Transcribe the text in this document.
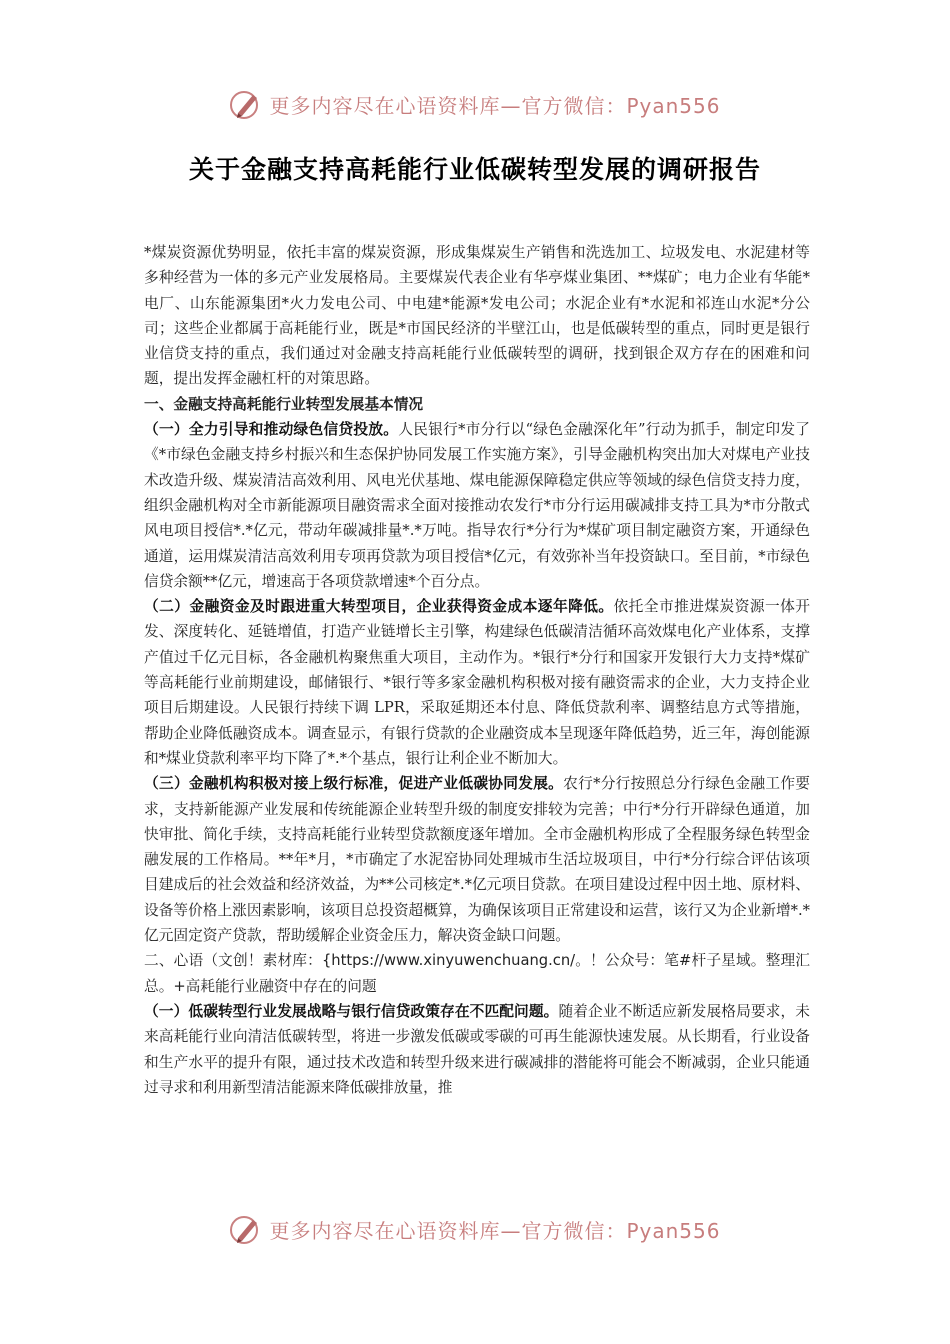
更多内容尽在心语资料库—官方微信：Pyan556
关于金融支持高耗能行业低碳转型发展的调研报告

*煤炭资源优势明显，依托丰富的煤炭资源，形成集煤炭生产销售和洗选加工、垃圾发电、水泥建材等多种经营为一体的多元产业发展格局。主要煤炭代表企业有华亭煤业集团、**煤矿；电力企业有华能*电厂、山东能源集团*火力发电公司、中电建*能源*发电公司；水泥企业有*水泥和祁连山水泥*分公司；这些企业都属于高耗能行业，既是*市国民经济的半壁江山，也是低碳转型的重点，同时更是银行业信贷支持的重点，我们通过对金融支持高耗能行业低碳转型的调研，找到银企双方存在的困难和问题，提出发挥金融杠杆的对策思路。

一、金融支持高耗能行业转型发展基本情况

（一）全力引导和推动绿色信贷投放。人民银行*市分行以“绿色金融深化年”行动为抓手，制定印发了《*市绿色金融支持乡村振兴和生态保护协同发展工作实施方案》，引导金融机构突出加大对煤电产业技术改造升级、煤炭清洁高效利用、风电光伏基地、煤电能源保障稳定供应等领域的绿色信贷支持力度，组织金融机构对全市新能源项目融资需求全面对接推动农发行*市分行运用碳减排支持工具为*市分散式风电项目授信*.*亿元，带动年碳减排量*.*万吨。指导农行*分行为*煤矿项目制定融资方案，开通绿色通道，运用煤炭清洁高效利用专项再贷款为项目授信*亿元，有效弥补当年投资缺口。至目前，*市绿色信贷余额**亿元，增速高于各项贷款增速*个百分点。

（二）金融资金及时跟进重大转型项目，企业获得资金成本逐年降低。依托全市推进煤炭资源一体开发、深度转化、延链增值，打造产业链增长主引擎，构建绿色低碳清洁循环高效煤电化产业体系，支撑产值过千亿元目标，各金融机构聚焦重大项目，主动作为。*银行*分行和国家开发银行大力支持*煤矿等高耗能行业前期建设，邮储银行、*银行等多家金融机构积极对接有融资需求的企业，大力支持企业项目后期建设。人民银行持续下调 LPR，采取延期还本付息、降低贷款利率、调整结息方式等措施，帮助企业降低融资成本。调查显示，有银行贷款的企业融资成本呈现逐年降低趋势，近三年，海创能源和*煤业贷款利率平均下降了*.*个基点，银行让利企业不断加大。

（三）金融机构积极对接上级行标准，促进产业低碳协同发展。农行*分行按照总分行绿色金融工作要求，支持新能源产业发展和传统能源企业转型升级的制度安排较为完善；中行*分行开辟绿色通道，加快审批、简化手续，支持高耗能行业转型贷款额度逐年增加。全市金融机构形成了全程服务绿色转型金融发展的工作格局。**年*月，*市确定了水泥窑协同处理城市生活垃圾项目，中行*分行综合评估该项目建成后的社会效益和经济效益，为**公司核定*.*亿元项目贷款。在项目建设过程中因土地、原材料、设备等价格上涨因素影响，该项目总投资超概算，为确保该项目正常建设和运营，该行又为企业新增*.*亿元固定资产贷款，帮助缓解企业资金压力，解决资金缺口问题。

二、心语（文创！素材库：{https://www.xinyuwenchuang.cn/。！公众号：笔#杆子星域。整理汇总。+高耗能行业融资中存在的问题

（一）低碳转型行业发展战略与银行信贷政策存在不匹配问题。随着企业不断适应新发展格局要求，未来高耗能行业向清洁低碳转型，将进一步激发低碳或零碳的可再生能源快速发展。从长期看，行业设备和生产水平的提升有限，通过技术改造和转型升级来进行碳减排的潜能将可能会不断减弱，企业只能通过寻求和利用新型清洁能源来降低碳排放量，推

更多内容尽在心语资料库—官方微信：Pyan556
